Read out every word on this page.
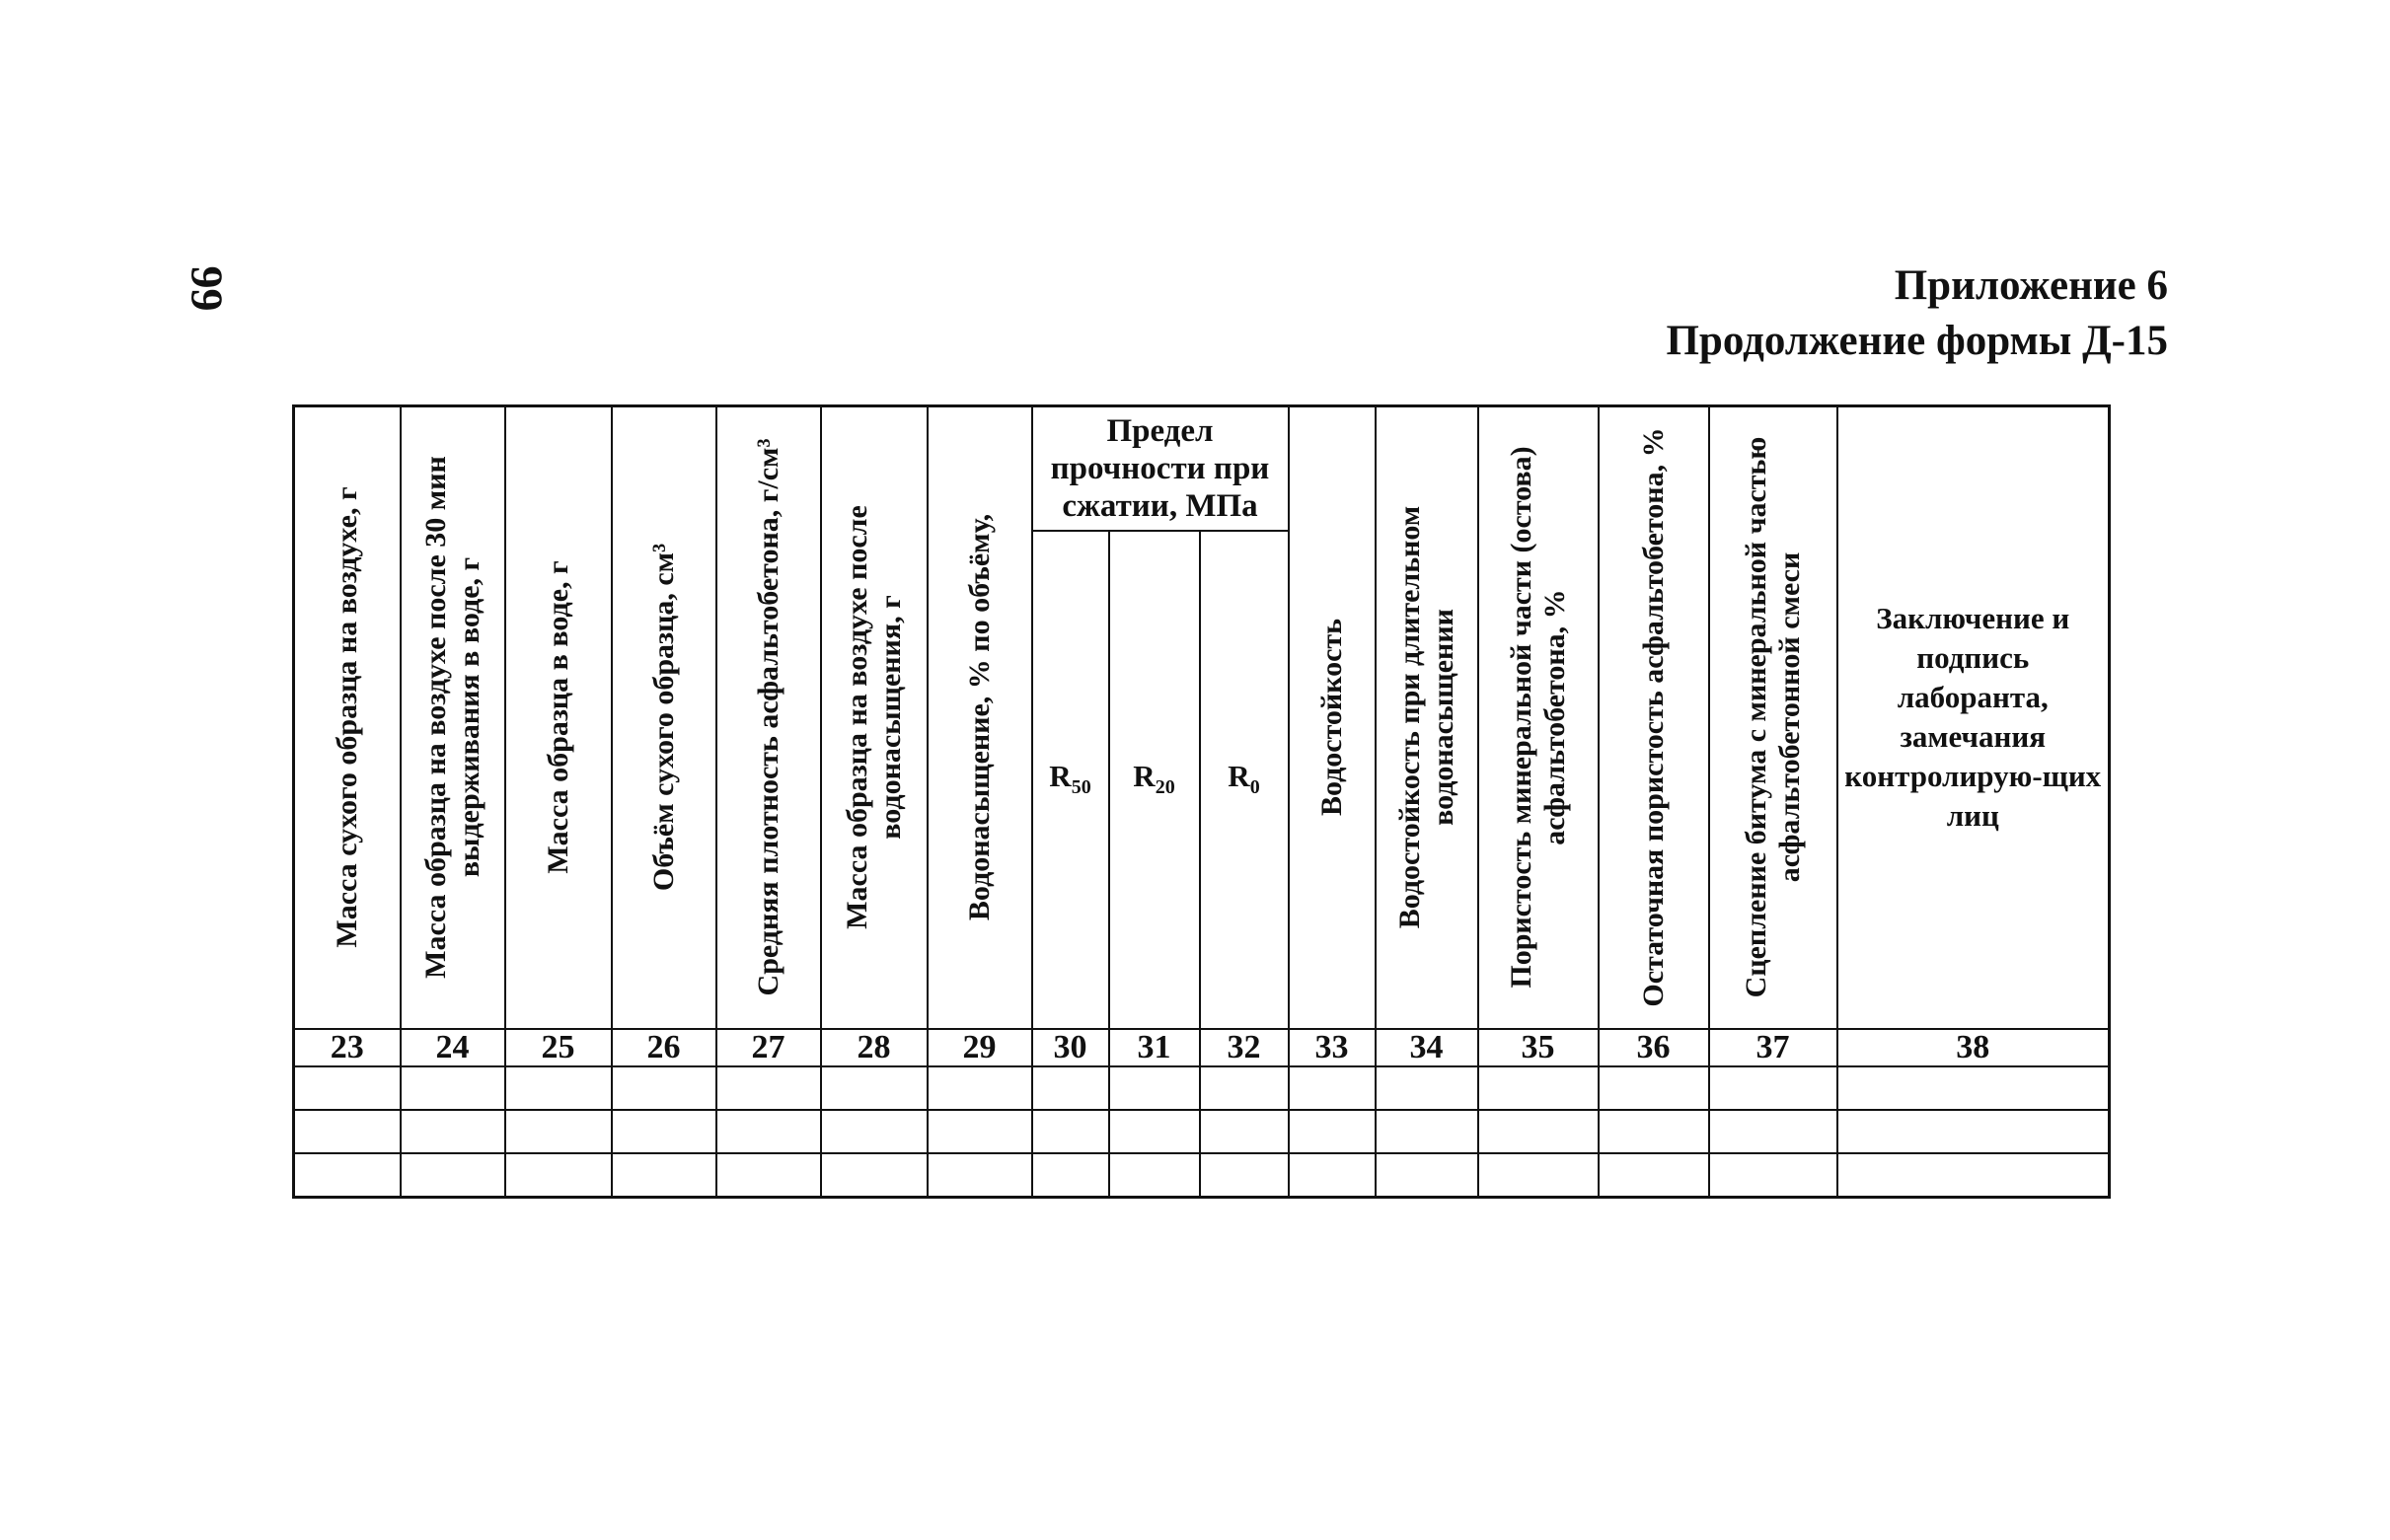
99	Приложение 6
Продолжение формы Д-15
Масса сухого образца на воздухе, г	Масса образца на воздухе после 30 мин выдерживания в воде, г	Масса образца в воде, г	Объём сухого образца, см³	Средняя плотность асфальтобетона, г/см³	Масса образца на воздухе после водонасыщения, г	Водонасыщение, % по объёму,	Предел прочности при сжатии, МПа			Водостойкость	Водостойкость при длительном водонасыщении	Пористость минеральной части (остова) асфальтобетона, %	Остаточная пористость асфальтобетона, %	Сцепление битума с минеральной частью асфальтобетонной смеси	Заключение и подпись лаборанта, замечания контролирую-щих лиц
							$R_{50}$	$R_{20}$	$R_0$
23	24	25	26	27	28	29	30	31	32	33	34	35	36	37	38
